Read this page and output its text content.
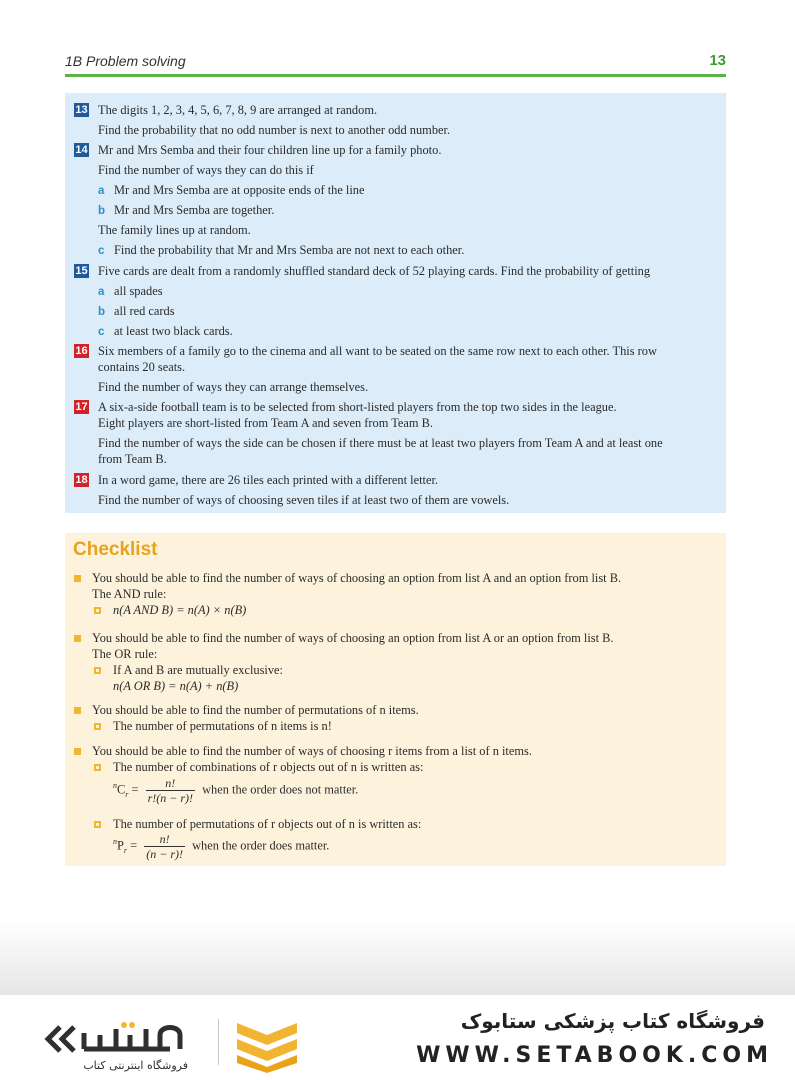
1B Problem solving	13
13 The digits 1, 2, 3, 4, 5, 6, 7, 8, 9 are arranged at random.
Find the probability that no odd number is next to another odd number.
14 Mr and Mrs Semba and their four children line up for a family photo.
Find the number of ways they can do this if
a Mr and Mrs Semba are at opposite ends of the line
b Mr and Mrs Semba are together.
The family lines up at random.
c Find the probability that Mr and Mrs Semba are not next to each other.
15 Five cards are dealt from a randomly shuffled standard deck of 52 playing cards. Find the probability of getting
a all spades
b all red cards
c at least two black cards.
16 Six members of a family go to the cinema and all want to be seated on the same row next to each other. This row
contains 20 seats.
Find the number of ways they can arrange themselves.
17 A six-a-side football team is to be selected from short-listed players from the top two sides in the league.
Eight players are short-listed from Team A and seven from Team B.
Find the number of ways the side can be chosen if there must be at least two players from Team A and at least one
from Team B.
18 In a word game, there are 26 tiles each printed with a different letter.
Find the number of ways of choosing seven tiles if at least two of them are vowels.
Checklist
You should be able to find the number of ways of choosing an option from list A and an option from list B.
The AND rule:
n(A AND B) = n(A) × n(B)
You should be able to find the number of ways of choosing an option from list A or an option from list B.
The OR rule:
If A and B are mutually exclusive:
n(A OR B) = n(A) + n(B)
You should be able to find the number of permutations of n items.
The number of permutations of n items is n!
You should be able to find the number of ways of choosing r items from a list of n items.
The number of combinations of r objects out of n is written as:
$^nC_r = \frac{n!}{r!(n - r)!}$ when the order does not matter.
The number of permutations of r objects out of n is written as:
$^nP_r = \frac{n!}{(n - r)!}$ when the order does matter.
فروشگاه اینترنتی کتاب
فروشگاه کتاب پزشکی ستابوک
WWW.SETABOOK.COM
